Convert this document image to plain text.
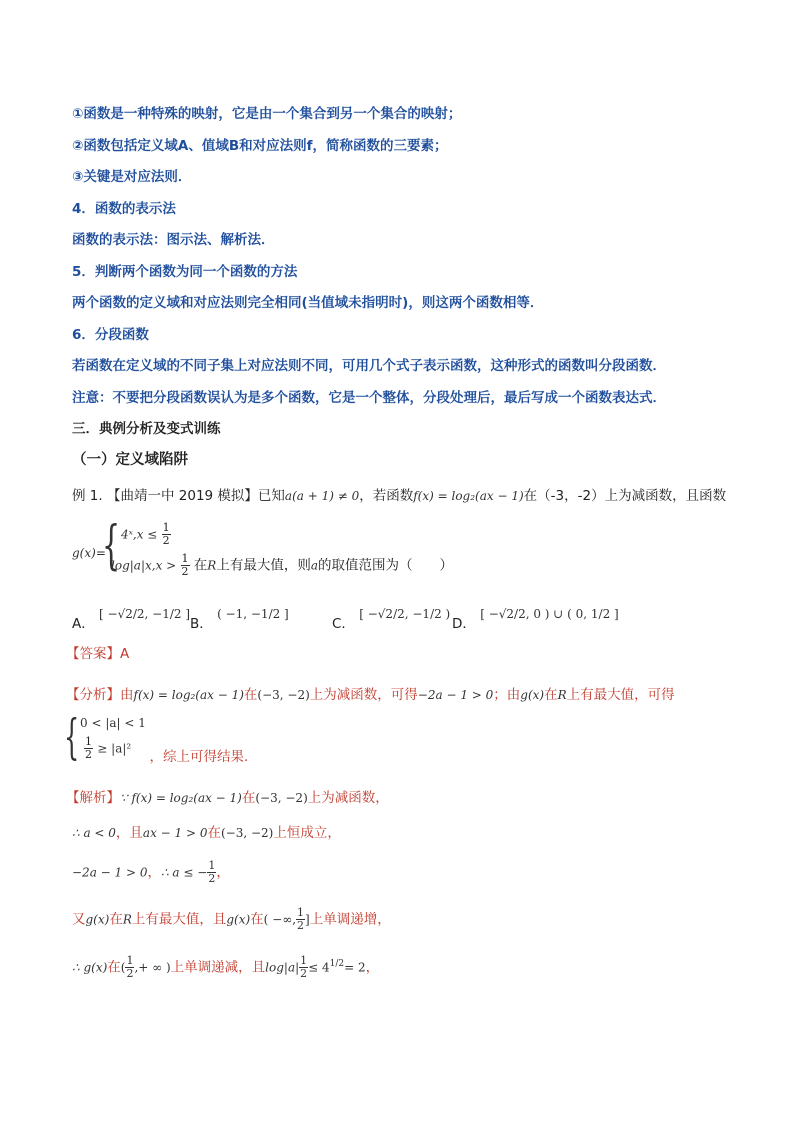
①函数是一种特殊的映射，它是由一个集合到另一个集合的映射；
②函数包括定义域A、值域B和对应法则f，简称函数的三要素；
③关键是对应法则．
4．函数的表示法
函数的表示法：图示法、解析法．
5．判断两个函数为同一个函数的方法
两个函数的定义域和对应法则完全相同(当值域未指明时)，则这两个函数相等．
6．分段函数
若函数在定义域的不同子集上对应法则不同，可用几个式子表示函数，这种形式的函数叫分段函数．
注意：不要把分段函数误认为是多个函数，它是一个整体，分段处理后，最后写成一个函数表达式．
三．典例分析及变式训练
（一）定义域陷阱
例 1. 【曲靖一中 2019 模拟】已知a(a + 1) ≠ 0，若函数f(x) = log₂(ax − 1)在（-3，-2）上为减函数，且函数
{
g(x)=
4ˣ,x ≤ $\frac{1}{2}$
$\log|a|x,x > \frac{1}{2}$ 在R上有最大值，则a的取值范围为（　　）
A． [ −√2/2, −1/2 ]
B． ( −1, −1/2 ]
C． [ −√2/2, −1/2 )
D． [ −√2/2, 0 ) ∪ ( 0, 1/2 ]
【答案】A
【分析】由f(x) = log₂(ax − 1)在(−3, −2)上为减函数，可得−2a − 1 > 0；由g(x)在R上有最大值，可得
{ 0 < |a| < 1
$\frac{1}{2} \ge |a|^2$ ，综上可得结果.
【解析】∵ f(x) = log₂(ax − 1)在(−3, −2)上为减函数，
∴ a < 0，且ax − 1 > 0在(−3, −2)上恒成立，
−2a − 1 > 0，∴ a ≤ − $\frac{1}{2}$ ，
又g(x)在R上有最大值，且g(x)在( −∞, $\frac{1}{2}$ ]上单调递增，
∴ g(x)在( $\frac{1}{2}$ ,+ ∞ )上单调递减，且$\log|a| \frac{1}{2} \le 4^{1/2}= 2$，
